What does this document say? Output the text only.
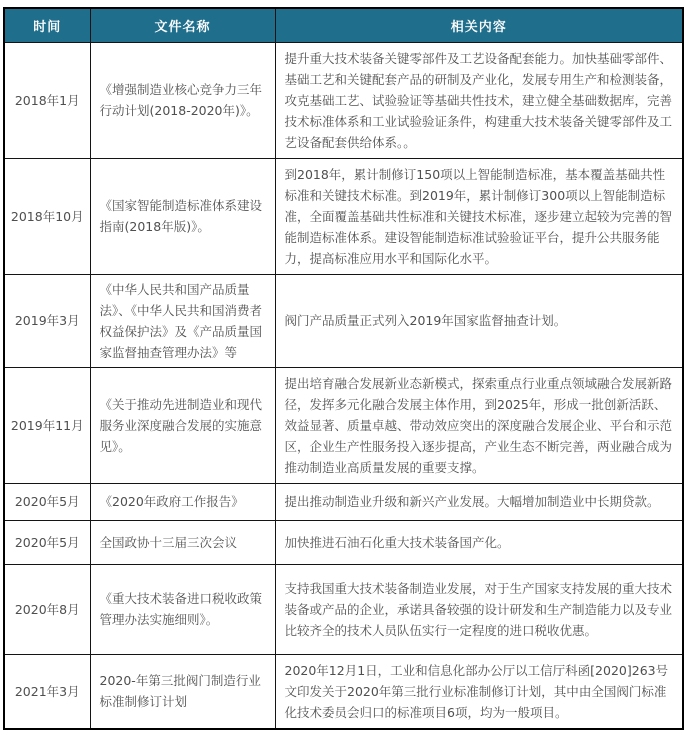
时间	文件名称	相关内容
2018年1月	《增强制造业核心竞争力三年行动计划(2018-2020年)》。	提升重大技术装备关键零部件及工艺设备配套能力。加快基础零部件、基础工艺和关键配套产品的研制及产业化，发展专用生产和检测装备，攻克基础工艺、试验验证等基础共性技术，建立健全基础数据库，完善技术标准体系和工业试验验证条件，构建重大技术装备关键零部件及工艺设备配套供给体系。。
2018年10月	《国家智能制造标准体系建设指南(2018年版)》。	到2018年，累计制修订150项以上智能制造标准，基本覆盖基础共性标准和关键技术标准。到2019年，累计制修订300项以上智能制造标准，全面覆盖基础共性标准和关键技术标准，逐步建立起较为完善的智能制造标准体系。建设智能制造标准试验验证平台，提升公共服务能力，提高标准应用水平和国际化水平。
2019年3月	《中华人民共和国产品质量法》、《中华人民共和国消费者权益保护法》及《产品质量国家监督抽查管理办法》等	阀门产品质量正式列入2019年国家监督抽查计划。
2019年11月	《关于推动先进制造业和现代服务业深度融合发展的实施意见》。	提出培育融合发展新业态新模式，探索重点行业重点领域融合发展新路径，发挥多元化融合发展主体作用，到2025年，形成一批创新活跃、效益显著、质量卓越、带动效应突出的深度融合发展企业、平台和示范区，企业生产性服务投入逐步提高，产业生态不断完善，两业融合成为推动制造业高质量发展的重要支撑。
2020年5月	《2020年政府工作报告》	提出推动制造业升级和新兴产业发展。大幅增加制造业中长期贷款。
2020年5月	全国政协十三届三次会议	加快推进石油石化重大技术装备国产化。
2020年8月	《重大技术装备进口税收政策管理办法实施细则》。	支持我国重大技术装备制造业发展，对于生产国家支持发展的重大技术装备或产品的企业，承诺具备较强的设计研发和生产制造能力以及专业比较齐全的技术人员队伍实行一定程度的进口税收优惠。
2021年3月	2020-年第三批阀门制造行业标准制修订计划	2020年12月1日，工业和信息化部办公厅以工信厅科函[2020]263号文印发关于2020年第三批行业标准制修订计划，其中由全国阀门标准化技术委员会归口的标准项目6项，均为一般项目。
